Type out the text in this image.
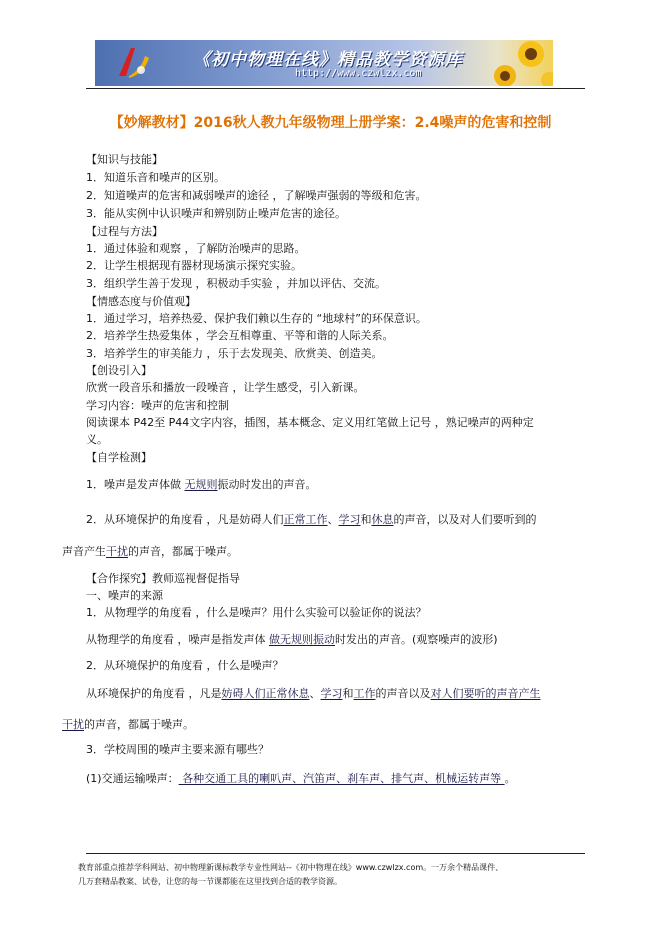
《初中物理在线》精品教学资源库
http://www.czwlzx.com
【妙解教材】2016秋人教九年级物理上册学案：2.4噪声的危害和控制
【知识与技能】
1．知道乐音和噪声的区别。
2．知道噪声的危害和减弱噪声的途径 ，了解噪声强弱的等级和危害。
3．能从实例中认识噪声和辨别防止噪声危害的途径。
【过程与方法】
1．通过体验和观察 ，了解防治噪声的思路。
2．让学生根据现有器材现场演示探究实验。
3．组织学生善于发现 ，积极动手实验 ，并加以评估、交流。
【情感态度与价值观】
1．通过学习，培养热爱、保护我们赖以生存的 “地球村”的环保意识。
2．培养学生热爱集体 ，学会互相尊重、平等和谐的人际关系。
3．培养学生的审美能力 ，乐于去发现美、欣赏美、创造美。
【创设引入】
欣赏一段音乐和播放一段噪音 ，让学生感受，引入新课。
学习内容：噪声的危害和控制
阅读课本 P42至 P44文字内容，插图，基本概念、定义用红笔做上记号 ，熟记噪声的两种定
义。
【自学检测】
1．噪声是发声体做 无规则振动时发出的声音。
2．从环境保护的角度看 ，凡是妨碍人们正常工作、学习和休息的声音，以及对人们要听到的
声音产生干扰的声音，都属于噪声。
【合作探究】教师巡视督促指导
一、噪声的来源
1．从物理学的角度看 ，什么是噪声？用什么实验可以验证你的说法？
从物理学的角度看 ，噪声是指发声体 做无规则振动时发出的声音。(观察噪声的波形)
2．从环境保护的角度看 ，什么是噪声？
从环境保护的角度看 ，凡是妨碍人们正常休息、学习和工作的声音以及对人们要听的声音产生
干扰的声音，都属于噪声。
3．学校周围的噪声主要来源有哪些？
(1)交通运输噪声： 各种交通工具的喇叭声、汽笛声、刹车声、排气声、机械运转声等 。
教育部重点推荐学科网站、初中物理新课标教学专业性网站--《初中物理在线》www.czwlzx.com。一万余个精品课件、
几万套精品教案、试卷，让您的每一节课都能在这里找到合适的教学资源。
